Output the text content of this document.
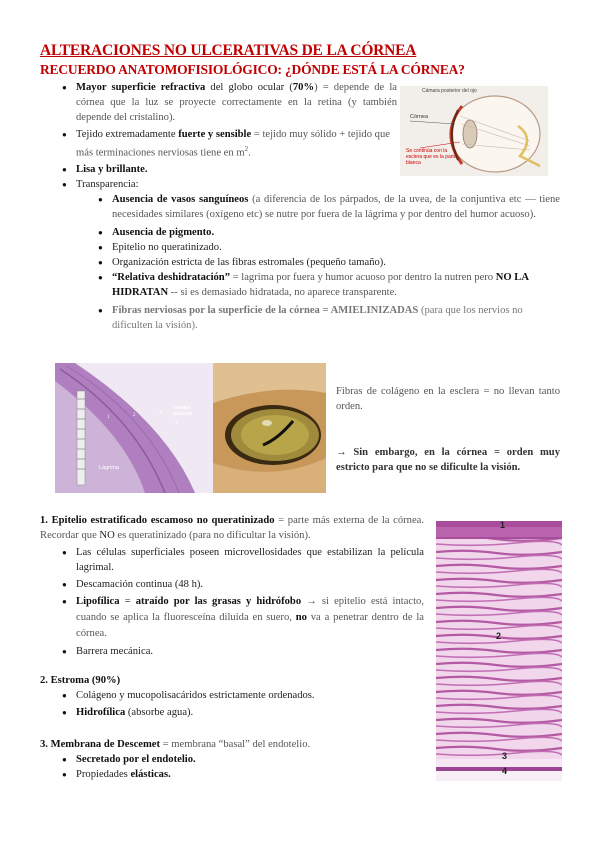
ALTERACIONES NO ULCERATIVAS DE LA CÓRNEA
RECUERDO ANATOMOFISIOLÓGICO: ¿DÓNDE ESTÁ LA CÓRNEA?
● Mayor superficie refractiva del globo ocular (70%) = depende de la córnea que la luz se proyecte correctamente en la retina (y también depende del cristalino).
● Tejido extremadamente fuerte y sensible = tejido muy sólido + tejido que más terminaciones nerviosas tiene en $m^2$.
● Lisa y brillante.
● Transparencia:
Cámara posterior del ojo
Córnea
Se continúa con la esclera que es la parte blanca
● Ausencia de vasos sanguíneos (a diferencia de los párpados, de la uvea, de la conjuntiva etc — tiene necesidades similares (oxígeno etc) se nutre por fuera de la lágrima y por dentro del humor acuoso).
● Ausencia de pigmento.
● Epitelio no queratinizado.
● Organización estricta de las fibras estromales (pequeño tamaño).
● “Relativa deshidratación” = lagrima por fuera y humor acuoso por dentro la nutren pero NO LA HIDRATAN -- si es demasiado hidratada, no aparece transparente.
● Fibras nerviosas por la superficie de la córnea = AMIELINIZADAS (para que los nervios no dificulten la visión).
Humor acuoso
Lágrima
1	2
3
4
Fibras de colágeno en la esclera = no llevan tanto orden.
→ Sin embargo, en la córnea = orden muy estricto para que no se dificulte la visión.
1. Epitelio estratificado escamoso no queratinizado = parte más externa de la córnea. Recordar que NO es queratinizado (para no dificultar la visión).
● Las células superficiales poseen microvellosidades que estabilizan la película lagrimal.
● Descamación continua (48 h).
● Lipofílica = atraído por las grasas y hidrófobo → si epitelio está intacto, cuando se aplica la fluoresceína diluida en suero, no va a penetrar dentro de la córnea.
● Barrera mecánica.
2. Estroma (90%)
● Colágeno y mucopolisacáridos estrictamente ordenados.
● Hidrofílica (absorbe agua).
3. Membrana de Descemet = membrana “basal” del endotelio.
● Secretado por el endotelio.
● Propiedades elásticas.
1
2
3
4
